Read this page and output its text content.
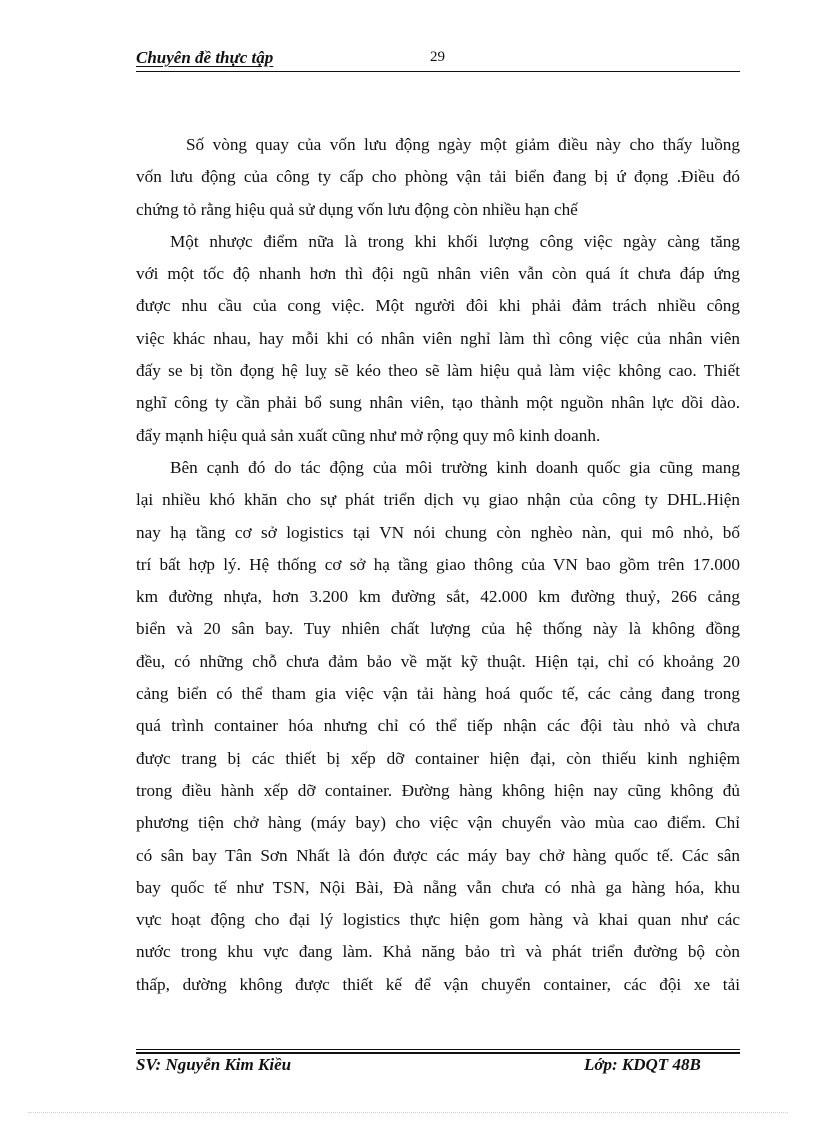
Chuyên đề thực tập	29
Số vòng quay của vốn lưu động ngày một giảm điều này cho thấy luồng
vốn lưu động của công ty cấp cho phòng vận tải biển đang bị ứ đọng .Điều đó
chứng tỏ rằng hiệu quả sử dụng vốn lưu động còn nhiều hạn chế
Một nhược điểm nữa là trong khi khối lượng công việc ngày càng tăng
với một tốc độ nhanh hơn thì đội ngũ nhân viên vẫn còn quá ít chưa đáp ứng
được nhu cầu của cong việc. Một người đôi khi phải đảm trách nhiều công
việc khác nhau, hay mỗi khi có nhân viên nghỉ làm thì công việc của nhân viên
đấy se bị tồn đọng hệ luỵ sẽ kéo theo sẽ làm hiệu quả làm việc không cao. Thiết
nghĩ công ty cần phải bổ sung nhân viên, tạo thành một nguồn nhân lực dồi dào.
đẩy mạnh hiệu quả sản xuất cũng như mở rộng quy mô kinh doanh.
Bên cạnh đó do tác động của môi trường kinh doanh quốc gia cũng mang
lại nhiều khó khăn cho sự phát triển dịch vụ giao nhận của công ty DHL.Hiện
nay hạ tầng cơ sở logistics tại VN nói chung còn nghèo nàn, qui mô nhỏ, bố
trí bất hợp lý. Hệ thống cơ sở hạ tầng giao thông của VN bao gồm trên 17.000
km đường nhựa, hơn 3.200 km đường sắt, 42.000 km đường thuỷ, 266 cảng
biển và 20 sân bay. Tuy nhiên chất lượng của hệ thống này là không đồng
đều, có những chỗ chưa đảm bảo về mặt kỹ thuật. Hiện tại, chỉ có khoảng 20
cảng biển có thể tham gia việc vận tải hàng hoá quốc tế, các cảng đang trong
quá trình container hóa nhưng chỉ có thể tiếp nhận các đội tàu nhỏ và chưa
được trang bị các thiết bị xếp dỡ container hiện đại, còn thiếu kinh nghiệm
trong điều hành xếp dỡ container. Đường hàng không hiện nay cũng không đủ
phương tiện chở hàng (máy bay) cho việc vận chuyển vào mùa cao điểm. Chỉ
có sân bay Tân Sơn Nhất là đón được các máy bay chở hàng quốc tế. Các sân
bay quốc tế như TSN, Nội Bài, Đà nẵng vẫn chưa có nhà ga hàng hóa, khu
vực hoạt động cho đại lý logistics thực hiện gom hàng và khai quan như các
nước trong khu vực đang làm. Khả năng bảo trì và phát triển đường bộ còn
thấp, dường không được thiết kế để vận chuyển container, các đội xe tải
SV: Nguyễn Kim Kiều	Lớp: KDQT 48B
